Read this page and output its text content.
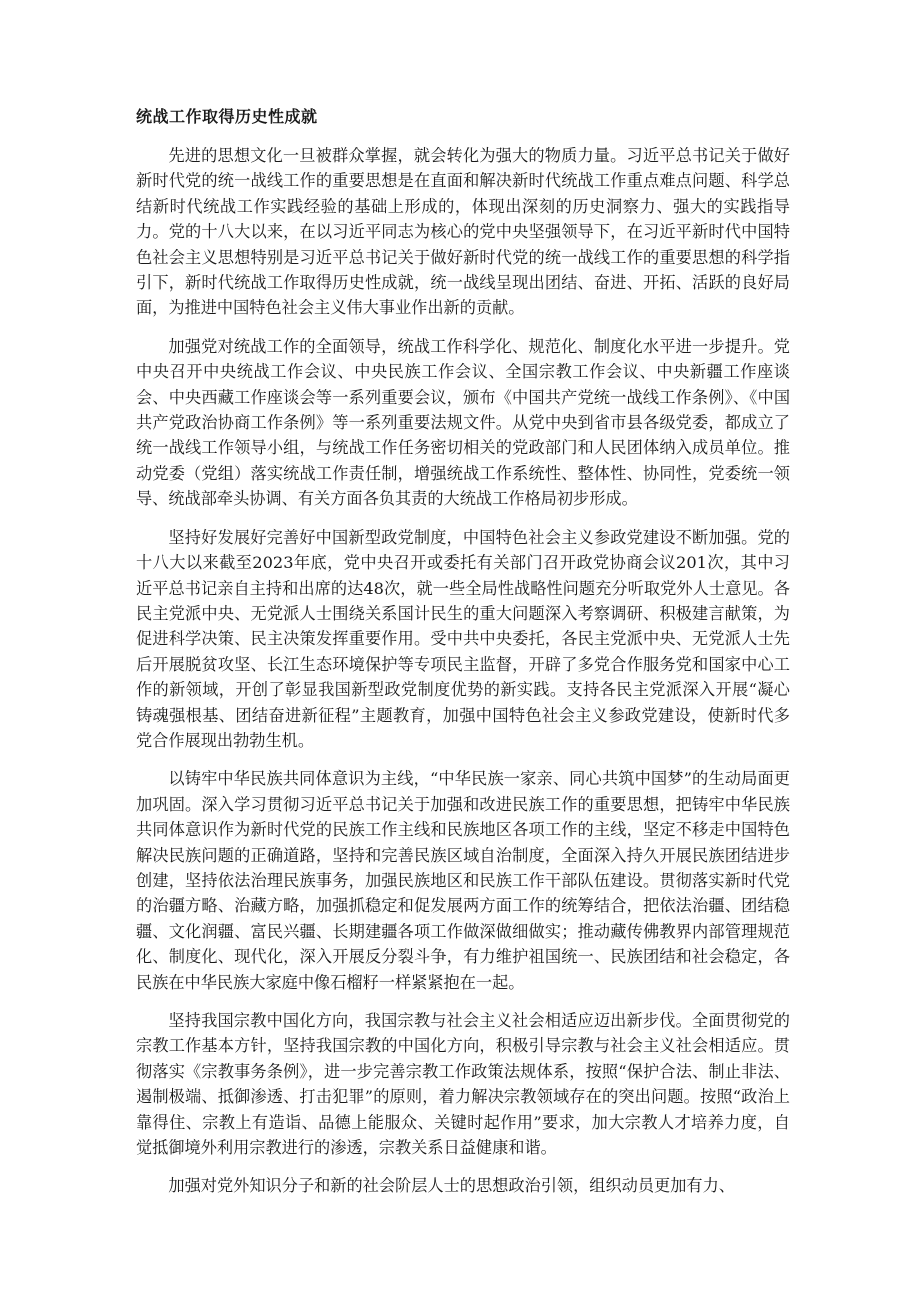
统战工作取得历史性成就

先进的思想文化一旦被群众掌握，就会转化为强大的物质力量。习近平总书记关于做好新时代党的统一战线工作的重要思想是在直面和解决新时代统战工作重点难点问题、科学总结新时代统战工作实践经验的基础上形成的，体现出深刻的历史洞察力、强大的实践指导力。党的十八大以来，在以习近平同志为核心的党中央坚强领导下，在习近平新时代中国特色社会主义思想特别是习近平总书记关于做好新时代党的统一战线工作的重要思想的科学指引下，新时代统战工作取得历史性成就，统一战线呈现出团结、奋进、开拓、活跃的良好局面，为推进中国特色社会主义伟大事业作出新的贡献。

加强党对统战工作的全面领导，统战工作科学化、规范化、制度化水平进一步提升。党中央召开中央统战工作会议、中央民族工作会议、全国宗教工作会议、中央新疆工作座谈会、中央西藏工作座谈会等一系列重要会议，颁布《中国共产党统一战线工作条例》、《中国共产党政治协商工作条例》等一系列重要法规文件。从党中央到省市县各级党委，都成立了统一战线工作领导小组，与统战工作任务密切相关的党政部门和人民团体纳入成员单位。推动党委（党组）落实统战工作责任制，增强统战工作系统性、整体性、协同性，党委统一领导、统战部牵头协调、有关方面各负其责的大统战工作格局初步形成。

坚持好发展好完善好中国新型政党制度，中国特色社会主义参政党建设不断加强。党的十八大以来截至2023年底，党中央召开或委托有关部门召开政党协商会议201次，其中习近平总书记亲自主持和出席的达48次，就一些全局性战略性问题充分听取党外人士意见。各民主党派中央、无党派人士围绕关系国计民生的重大问题深入考察调研、积极建言献策，为促进科学决策、民主决策发挥重要作用。受中共中央委托，各民主党派中央、无党派人士先后开展脱贫攻坚、长江生态环境保护等专项民主监督，开辟了多党合作服务党和国家中心工作的新领域，开创了彰显我国新型政党制度优势的新实践。支持各民主党派深入开展“凝心铸魂强根基、团结奋进新征程”主题教育，加强中国特色社会主义参政党建设，使新时代多党合作展现出勃勃生机。

以铸牢中华民族共同体意识为主线，“中华民族一家亲、同心共筑中国梦”的生动局面更加巩固。深入学习贯彻习近平总书记关于加强和改进民族工作的重要思想，把铸牢中华民族共同体意识作为新时代党的民族工作主线和民族地区各项工作的主线，坚定不移走中国特色解决民族问题的正确道路，坚持和完善民族区域自治制度，全面深入持久开展民族团结进步创建，坚持依法治理民族事务，加强民族地区和民族工作干部队伍建设。贯彻落实新时代党的治疆方略、治藏方略，加强抓稳定和促发展两方面工作的统筹结合，把依法治疆、团结稳疆、文化润疆、富民兴疆、长期建疆各项工作做深做细做实；推动藏传佛教界内部管理规范化、制度化、现代化，深入开展反分裂斗争，有力维护祖国统一、民族团结和社会稳定，各民族在中华民族大家庭中像石榴籽一样紧紧抱在一起。

坚持我国宗教中国化方向，我国宗教与社会主义社会相适应迈出新步伐。全面贯彻党的宗教工作基本方针，坚持我国宗教的中国化方向，积极引导宗教与社会主义社会相适应。贯彻落实《宗教事务条例》，进一步完善宗教工作政策法规体系，按照“保护合法、制止非法、遏制极端、抵御渗透、打击犯罪”的原则，着力解决宗教领域存在的突出问题。按照“政治上靠得住、宗教上有造诣、品德上能服众、关键时起作用”要求，加大宗教人才培养力度，自觉抵御境外利用宗教进行的渗透，宗教关系日益健康和谐。

加强对党外知识分子和新的社会阶层人士的思想政治引领，组织动员更加有力、
